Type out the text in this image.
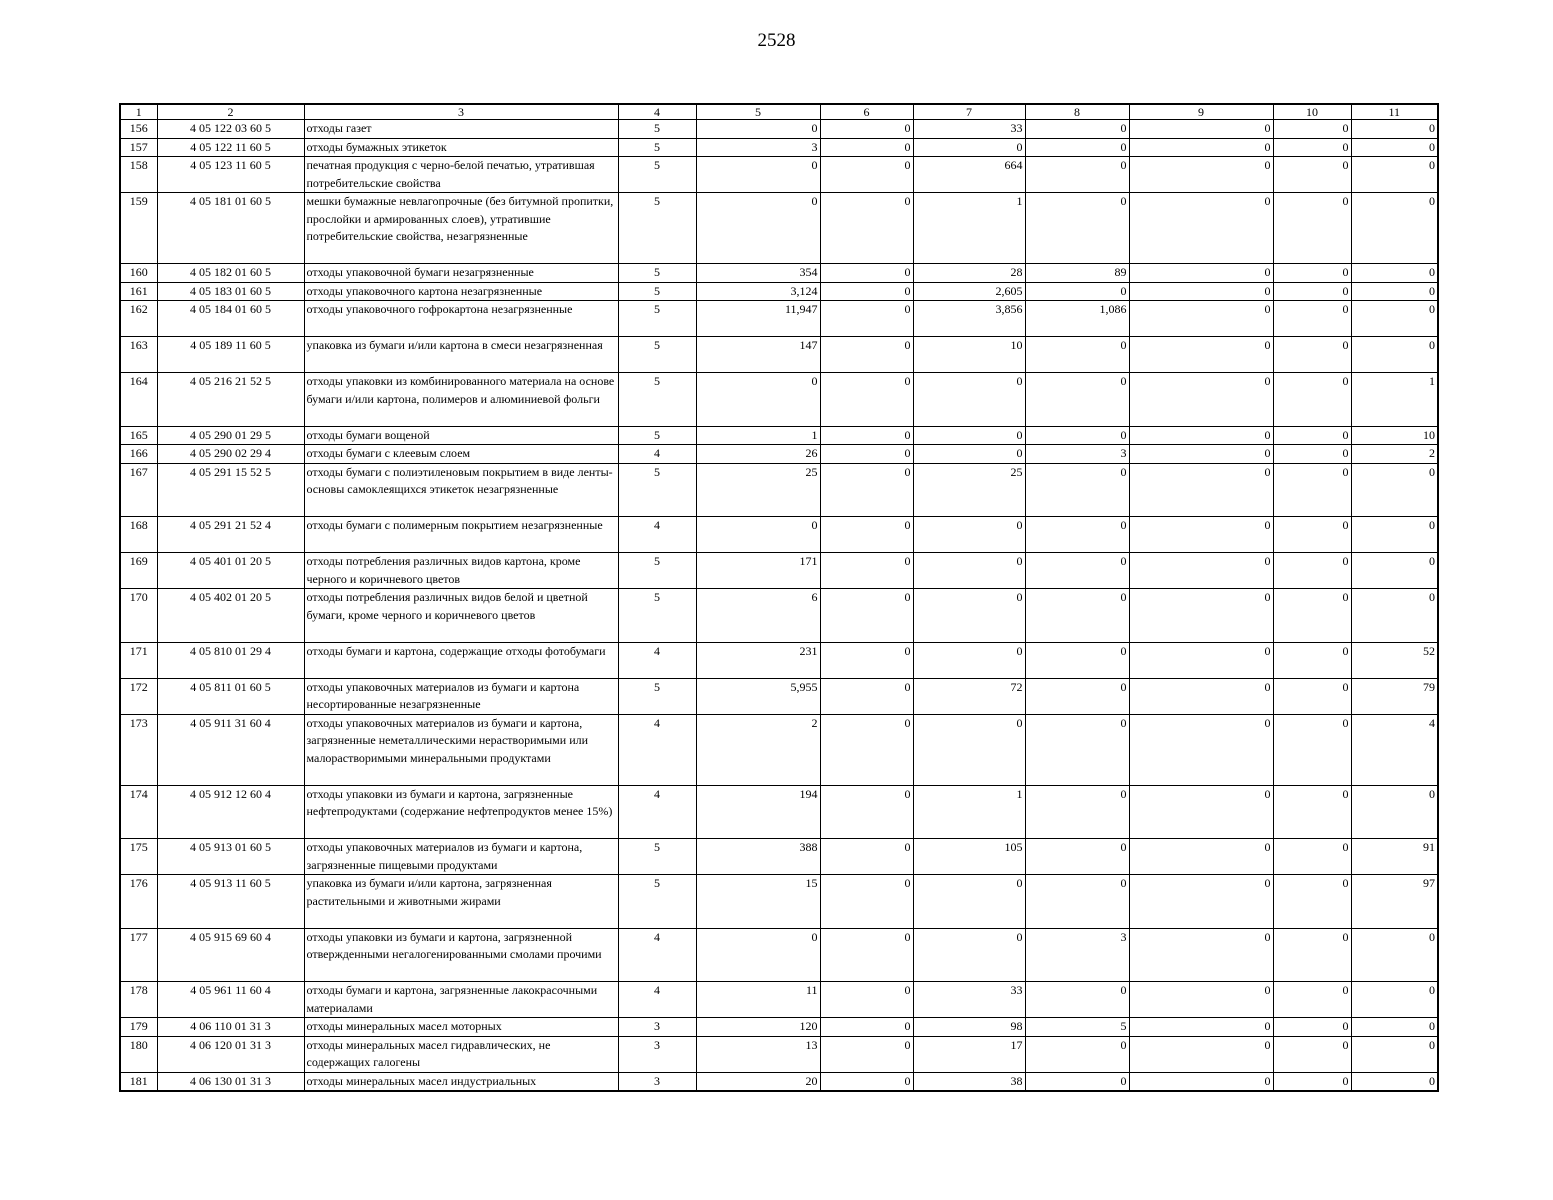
2528
1	2	3	4	5	6	7	8	9	10	11
156	4 05 122 03 60 5	отходы газет	5	0	0	33	0	0	0	0
157	4 05 122 11 60 5	отходы бумажных этикеток	5	3	0	0	0	0	0	0
158	4 05 123 11 60 5	печатная продукция с черно-белой печатью, утратившая потребительские свойства	5	0	0	664	0	0	0	0
159	4 05 181 01 60 5	мешки бумажные невлагопрочные (без битумной пропитки, прослойки и армированных слоев), утратившие потребительские свойства, незагрязненные	5	0	0	1	0	0	0	0
160	4 05 182 01 60 5	отходы упаковочной бумаги незагрязненные	5	354	0	28	89	0	0	0
161	4 05 183 01 60 5	отходы упаковочного картона незагрязненные	5	3,124	0	2,605	0	0	0	0
162	4 05 184 01 60 5	отходы упаковочного гофрокартона незагрязненные	5	11,947	0	3,856	1,086	0	0	0
163	4 05 189 11 60 5	упаковка из бумаги и/или картона в смеси незагрязненная	5	147	0	10	0	0	0	0
164	4 05 216 21 52 5	отходы упаковки из комбинированного материала на основе бумаги и/или картона, полимеров и алюминиевой фольги	5	0	0	0	0	0	0	1
165	4 05 290 01 29 5	отходы бумаги вощеной	5	1	0	0	0	0	0	10
166	4 05 290 02 29 4	отходы бумаги с клеевым слоем	4	26	0	0	3	0	0	2
167	4 05 291 15 52 5	отходы бумаги с полиэтиленовым покрытием в виде ленты-основы самоклеящихся этикеток незагрязненные	5	25	0	25	0	0	0	0
168	4 05 291 21 52 4	отходы бумаги с полимерным покрытием незагрязненные	4	0	0	0	0	0	0	0
169	4 05 401 01 20 5	отходы потребления различных видов картона, кроме черного и коричневого цветов	5	171	0	0	0	0	0	0
170	4 05 402 01 20 5	отходы потребления различных видов белой и цветной бумаги, кроме черного и коричневого цветов	5	6	0	0	0	0	0	0
171	4 05 810 01 29 4	отходы бумаги и картона, содержащие отходы фотобумаги	4	231	0	0	0	0	0	52
172	4 05 811 01 60 5	отходы упаковочных материалов из бумаги и картона несортированные незагрязненные	5	5,955	0	72	0	0	0	79
173	4 05 911 31 60 4	отходы упаковочных материалов из бумаги и картона, загрязненные неметаллическими нерастворимыми или малорастворимыми минеральными продуктами	4	2	0	0	0	0	0	4
174	4 05 912 12 60 4	отходы упаковки из бумаги и картона, загрязненные нефтепродуктами (содержание нефтепродуктов менее 15%)	4	194	0	1	0	0	0	0
175	4 05 913 01 60 5	отходы упаковочных материалов из бумаги и картона, загрязненные пищевыми продуктами	5	388	0	105	0	0	0	91
176	4 05 913 11 60 5	упаковка из бумаги и/или картона, загрязненная растительными и животными жирами	5	15	0	0	0	0	0	97
177	4 05 915 69 60 4	отходы упаковки из бумаги и картона, загрязненной отвержденными негалогенированными смолами прочими	4	0	0	0	3	0	0	0
178	4 05 961 11 60 4	отходы бумаги и картона, загрязненные лакокрасочными материалами	4	11	0	33	0	0	0	0
179	4 06 110 01 31 3	отходы минеральных масел моторных	3	120	0	98	5	0	0	0
180	4 06 120 01 31 3	отходы минеральных масел гидравлических, не содержащих галогены	3	13	0	17	0	0	0	0
181	4 06 130 01 31 3	отходы минеральных масел индустриальных	3	20	0	38	0	0	0	0
